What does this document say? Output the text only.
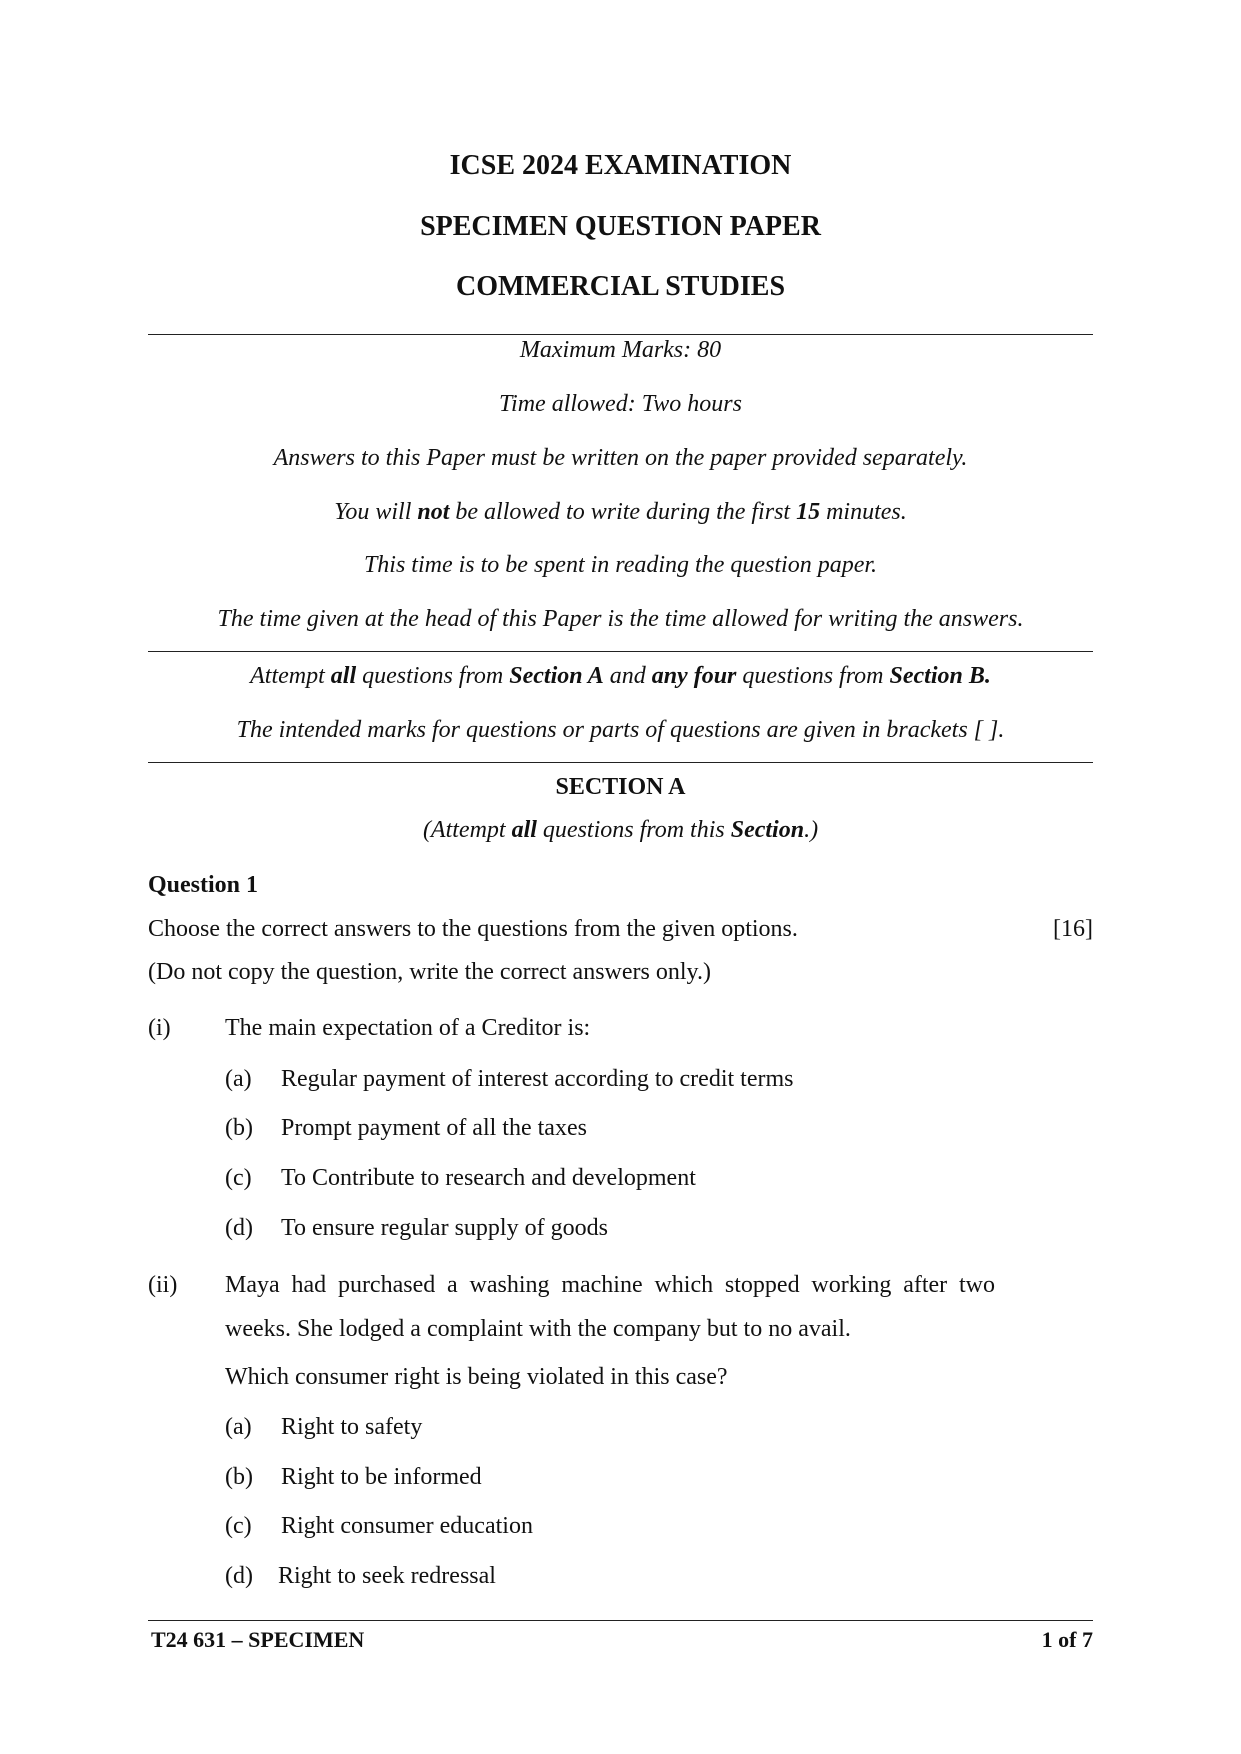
ICSE 2024 EXAMINATION
SPECIMEN QUESTION PAPER
COMMERCIAL STUDIES
Maximum Marks: 80
Time allowed: Two hours
Answers to this Paper must be written on the paper provided separately.
You will not be allowed to write during the first 15 minutes.
This time is to be spent in reading the question paper.
The time given at the head of this Paper is the time allowed for writing the answers.
Attempt all questions from Section A and any four questions from Section B.
The intended marks for questions or parts of questions are given in brackets [ ].
SECTION A
(Attempt all questions from this Section.)
Question 1
Choose the correct answers to the questions from the given options.	[16]
(Do not copy the question, write the correct answers only.)
(i) The main expectation of a Creditor is:
(a) Regular payment of interest according to credit terms
(b) Prompt payment of all the taxes
(c) To Contribute to research and development
(d) To ensure regular supply of goods
(ii) Maya had purchased a washing machine which stopped working after two
weeks. She lodged a complaint with the company but to no avail.
Which consumer right is being violated in this case?
(a) Right to safety
(b) Right to be informed
(c) Right consumer education
(d) Right to seek redressal
T24 631 – SPECIMEN	1 of 7
